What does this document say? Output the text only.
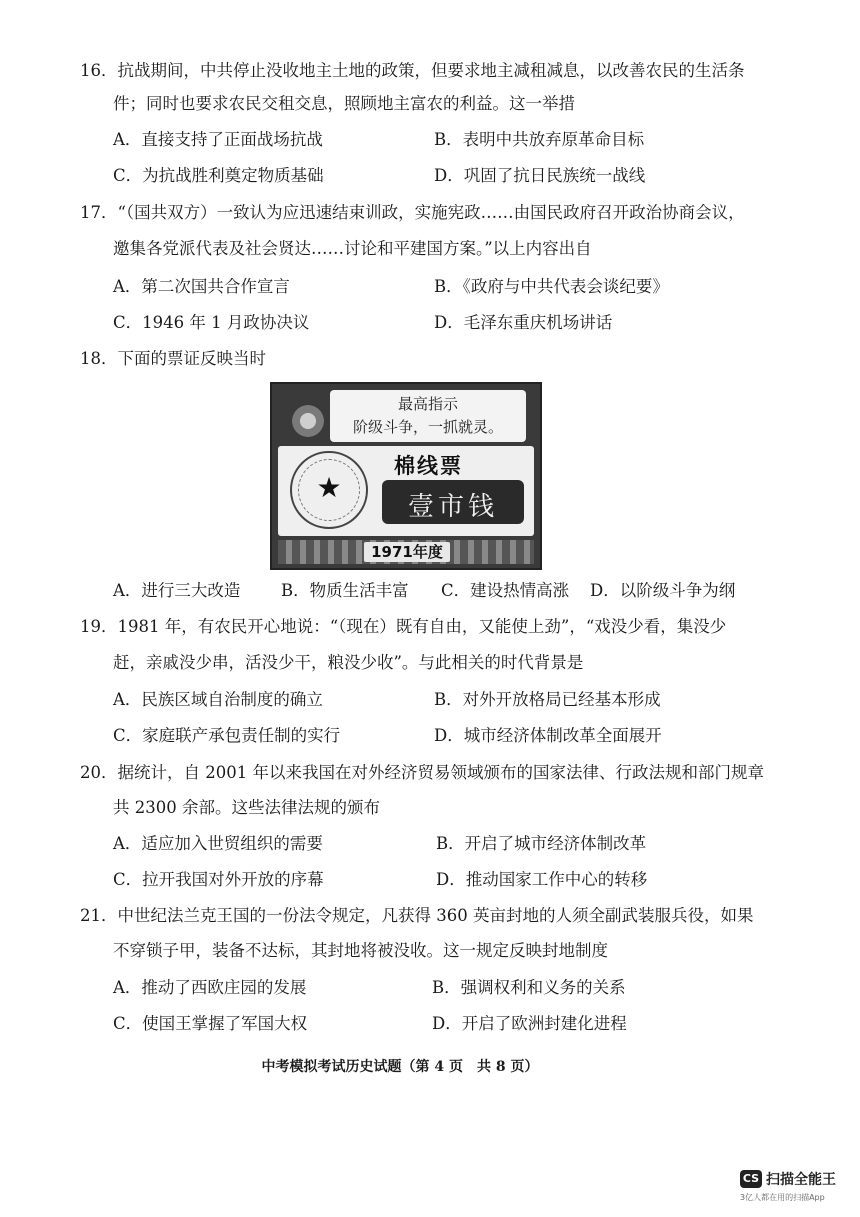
16．抗战期间，中共停止没收地主土地的政策，但要求地主减租减息，以改善农民的生活条
件；同时也要求农民交租交息，照顾地主富农的利益。这一举措
A．直接支持了正面战场抗战	B．表明中共放弃原革命目标
C．为抗战胜利奠定物质基础	D．巩固了抗日民族统一战线
17．“（国共双方）一致认为应迅速结束训政，实施宪政……由国民政府召开政治协商会议，
邀集各党派代表及社会贤达……讨论和平建国方案。”以上内容出自
A．第二次国共合作宣言	B．《政府与中共代表会谈纪要》
C．1946 年 1 月政协决议	D．毛泽东重庆机场讲话
18．下面的票证反映当时
最高指示
阶级斗争，一抓就灵。
★
棉线票
壹市钱
1971年度
A．进行三大改造 B．物质生活丰富 C．建设热情高涨 D．以阶级斗争为纲
19．1981 年，有农民开心地说：“（现在）既有自由，又能使上劲”，“戏没少看，集没少
赶，亲戚没少串，活没少干，粮没少收”。与此相关的时代背景是
A．民族区域自治制度的确立	B．对外开放格局已经基本形成
C．家庭联产承包责任制的实行	D．城市经济体制改革全面展开
20．据统计，自 2001 年以来我国在对外经济贸易领域颁布的国家法律、行政法规和部门规章
共 2300 余部。这些法律法规的颁布
A．适应加入世贸组织的需要	B．开启了城市经济体制改革
C．拉开我国对外开放的序幕	D．推动国家工作中心的转移
21．中世纪法兰克王国的一份法令规定，凡获得 360 英亩封地的人须全副武装服兵役，如果
不穿锁子甲，装备不达标，其封地将被没收。这一规定反映封地制度
A．推动了西欧庄园的发展	B．强调权利和义务的关系
C．使国王掌握了军国大权	D．开启了欧洲封建化进程
中考模拟考试历史试题（第 4 页　共 8 页）
CS 扫描全能王
3亿人都在用的扫描App
